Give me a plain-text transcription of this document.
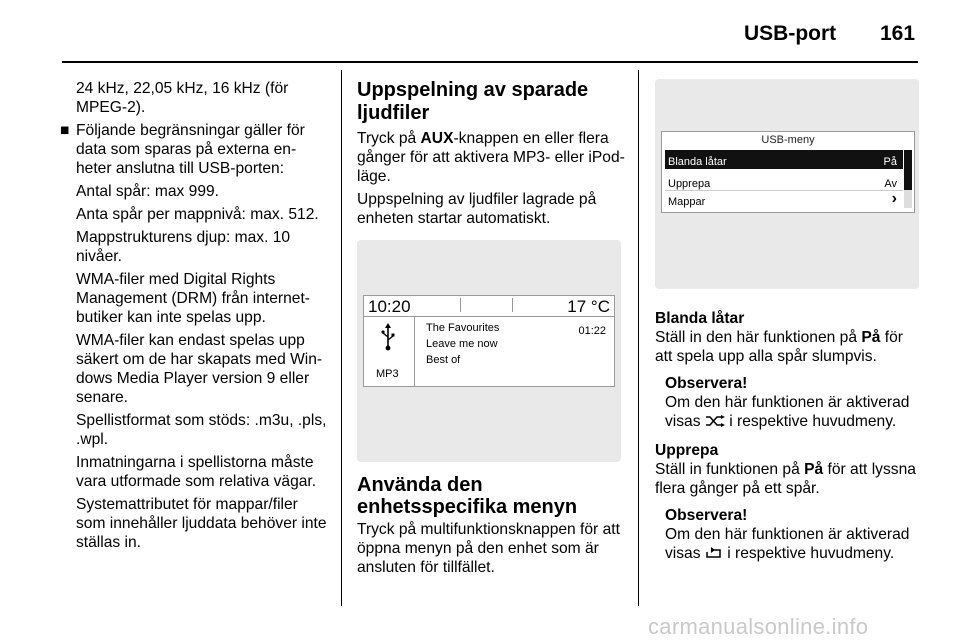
USB-port 161

24 kHz, 22,05 kHz, 16 kHz (för MPEG-2).

■ Följande begränsningar gäller för data som sparas på externa en-heter anslutna till USB-porten:

Antal spår: max 999.

Anta spår per mappnivå: max. 512.

Mappstrukturens djup: max. 10 nivåer.

WMA-filer med Digital Rights Management (DRM) från internet-butiker kan inte spelas upp.

WMA-filer kan endast spelas upp säkert om de har skapats med Win-dows Media Player version 9 eller senare.

Spellistformat som stöds: .m3u, .pls, .wpl.

Inmatningarna i spellistorna måste vara utformade som relativa vägar.

Systemattributet för mappar/filer som innehåller ljuddata behöver inte ställas in.

Uppspelning av sparade ljudfiler

Tryck på AUX-knappen en eller flera gånger för att aktivera MP3- eller iPod-läge.

Uppspelning av ljudfiler lagrade på enheten startar automatiskt.

10:20	17 °C
MP3
The Favourites
Leave me now
Best of
01:22
Använda den enhetsspecifika menyn

Tryck på multifunktionsknappen för att öppna menyn på den enhet som är ansluten för tillfället.

USB-meny
Blanda låtar	På
Upprepa	Av
Mappar	›
Blanda låtar

Ställ in den här funktionen på På för att spela upp alla spår slumpvis.

Observera!

Om den här funktionen är aktiverad visas  i respektive huvudmeny.

Upprepa

Ställ in funktionen på På för att lyssna flera gånger på ett spår.

Observera!

Om den här funktionen är aktiverad visas  i respektive huvudmeny.

carmanualsonline.info
